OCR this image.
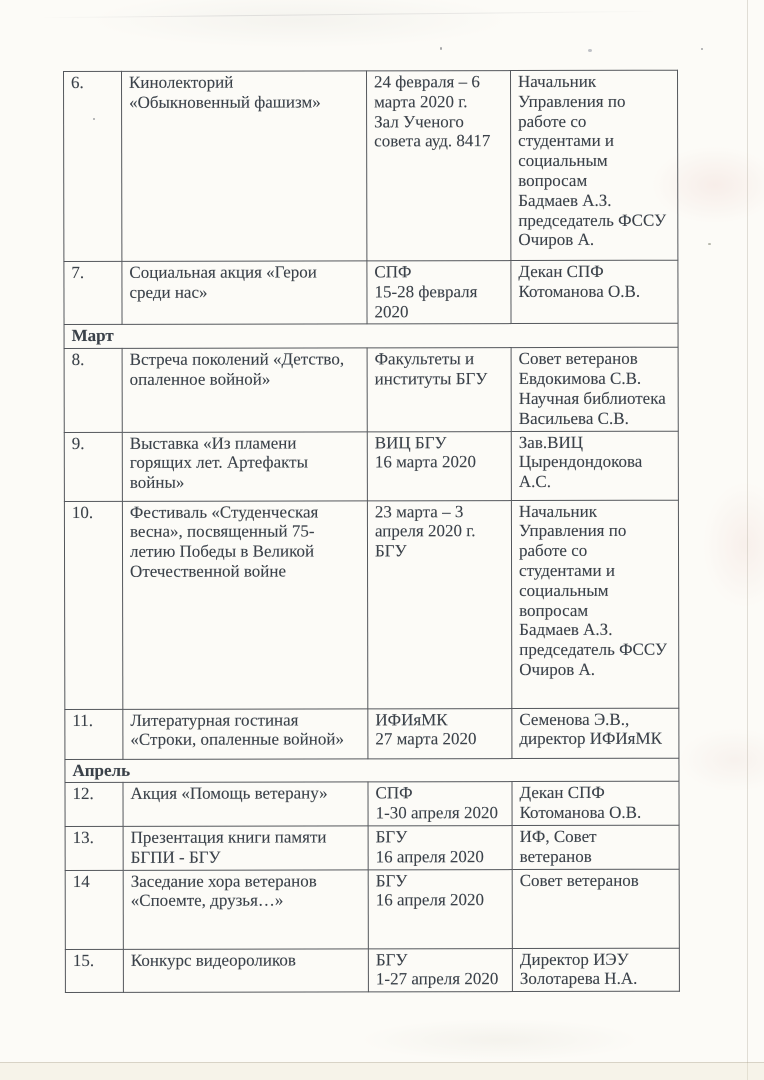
6.	Кинолекторий
«Обыкновенный фашизм»	24 февраля – 6
марта 2020 г.
Зал Ученого
совета ауд. 8417	Начальник
Управления по
работе со
студентами и
социальным
вопросам
Бадмаев А.З.
председатель ФССУ
Очиров А.
7.	Социальная акция «Герои
среди нас»	СПФ
15-28 февраля
2020	Декан СПФ
Котоманова О.В.
Март			
8.	Встреча поколений «Детство,
опаленное войной»	Факультеты и
институты БГУ	Совет ветеранов
Евдокимова С.В.
Научная библиотека
Васильева С.В.
9.	Выставка «Из пламени
горящих лет. Артефакты
войны»	ВИЦ БГУ
16 марта 2020	Зав.ВИЦ
Цырендондокова
А.С.
10.	Фестиваль «Студенческая
весна», посвященный 75-
летию Победы в Великой
Отечественной войне	23 марта – 3
апреля 2020 г.
БГУ	Начальник
Управления по
работе со
студентами и
социальным
вопросам
Бадмаев А.З.
председатель ФССУ
Очиров А.
11.	Литературная гостиная
«Строки, опаленные войной»	ИФИяМК
27 марта 2020	Семенова Э.В.,
директор ИФИяМК
Апрель			
12.	Акция «Помощь ветерану»	СПФ
1-30 апреля 2020	Декан СПФ
Котоманова О.В.
13.	Презентация книги памяти
БГПИ - БГУ	БГУ
16 апреля 2020	ИФ, Совет
ветеранов
14	Заседание хора ветеранов
«Споемте, друзья…»	БГУ
16 апреля 2020	Совет ветеранов
15.	Конкурс видеороликов	БГУ
1-27 апреля 2020	Директор ИЭУ
Золотарева Н.А.
